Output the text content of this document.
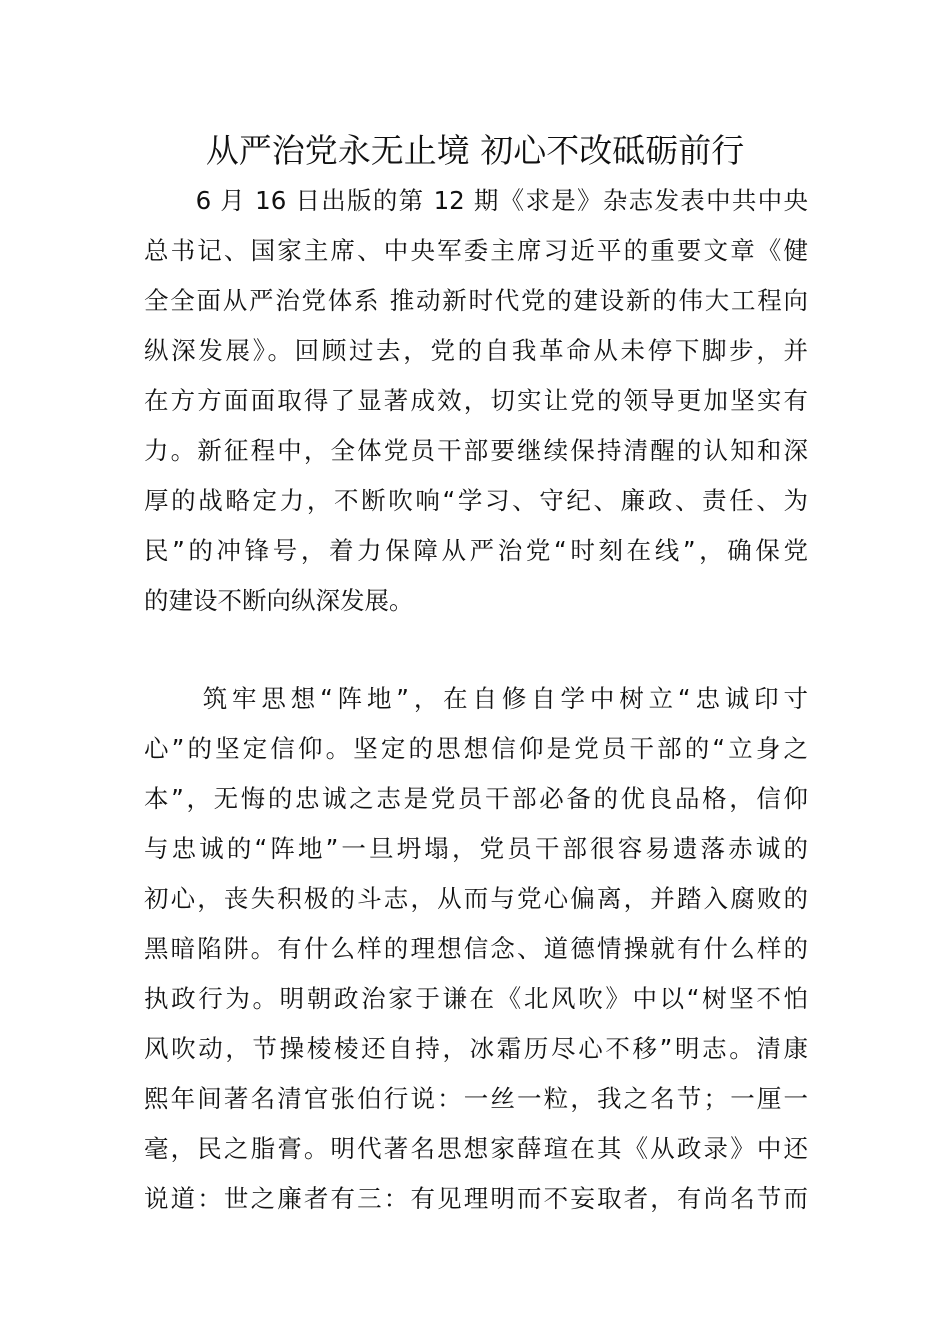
从严治党永无止境 初心不改砥砺前行
　　6 月 16 日出版的第 12 期《求是》杂志发表中共中央
总书记、国家主席、中央军委主席习近平的重要文章《健
全全面从严治党体系 推动新时代党的建设新的伟大工程向
纵深发展》。回顾过去，党的自我革命从未停下脚步，并
在方方面面取得了显著成效，切实让党的领导更加坚实有
力。新征程中，全体党员干部要继续保持清醒的认知和深
厚的战略定力，不断吹响“学习、守纪、廉政、责任、为
民”的冲锋号，着力保障从严治党“时刻在线”，确保党
的建设不断向纵深发展。
　　筑牢思想“阵地”，在自修自学中树立“忠诚印寸
心”的坚定信仰。坚定的思想信仰是党员干部的“立身之
本”，无悔的忠诚之志是党员干部必备的优良品格，信仰
与忠诚的“阵地”一旦坍塌，党员干部很容易遗落赤诚的
初心，丧失积极的斗志，从而与党心偏离，并踏入腐败的
黑暗陷阱。有什么样的理想信念、道德情操就有什么样的
执政行为。明朝政治家于谦在《北风吹》中以“树坚不怕
风吹动，节操棱棱还自持，冰霜历尽心不移”明志。清康
熙年间著名清官张伯行说：一丝一粒，我之名节；一厘一
毫，民之脂膏。明代著名思想家薛瑄在其《从政录》中还
说道：世之廉者有三：有见理明而不妄取者，有尚名节而
